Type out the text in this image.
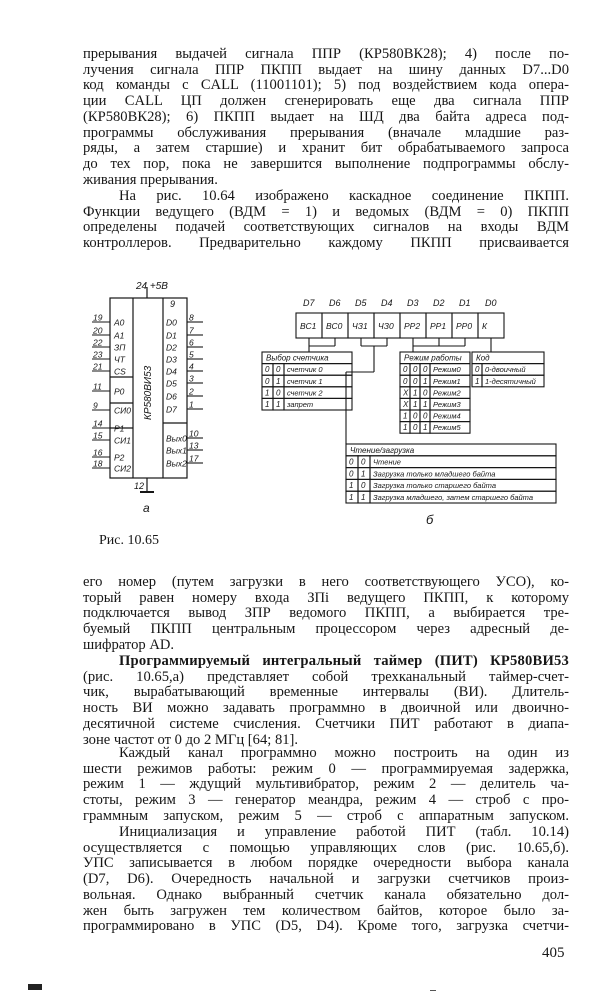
прерывания выдачей сигнала ППР (КР580ВК28); 4) после по-
лучения сигнала ППР ПКПП выдает на шину данных D7...D0
код команды с CALL (11001101); 5) под воздействием кода опера-
ции CALL ЦП должен сгенерировать еще два сигнала ППР
(КР580ВК28); 6) ПКПП выдает на ШД два байта адреса под-
программы обслуживания прерывания (вначале младшие раз-
ряды, а затем старшие) и хранит бит обрабатываемого запроса
до тех пор, пока не завершится выполнение подпрограммы обслу-
живания прерывания.
На рис. 10.64 изображено каскадное соединение ПКПП.
Функции ведущего (ВДМ = 1) и ведомых (ВДМ = 0) ПКПП
определены подачей соответствующих сигналов на входы ВДМ
контроллеров. Предварительно каждому ПКПП присваивается
19 A0
20 A1
22 ЗП
23 ЧТ
21 CS
11 P0
9 CИ0
14 P1
15 CИ1
16 P2
18 CИ2
8
D0
7
D1
6
D2
5
D3
4
D4
3
D5
2
D6
1
D7
10
Вых0
13
Вых1
17
Вых2
24 +5В
9
12
КР580ВИ53
а
D7 D6 D5 D4 D3 D2 D1 D0
ВС1 ВС0 ЧЗ1 ЧЗ0 РР2 РР1 РР0 К
Выбор счетчика
0 0 счетчик 0
0 1 счетчик 1
1 0 счетчик 2
1 1 запрет
Режим работы
0 0 0 Режим0
0 0 1 Режим1
X 1 0 Режим2
X 1 1 Режим3
1 0 0 Режим4
1 0 1 Режим5
Код
0 0-двоичный
1 1-десятичный
Чтение/загрузка
0 0 Чтение
0 1 Загрузка только младшего байта
1 0 Загрузка только старшего байта
1 1 Загрузка младшего, затем старшего байта
б
Рис. 10.65
его номер (путем загрузки в него соответствующего УСО), ко-
торый равен номеру входа ЗПi ведущего ПКПП, к которому
подключается вывод ЗПР ведомого ПКПП, а выбирается тре-
буемый ПКПП центральным процессором через адресный де-
шифратор AD.
Программируемый интегральный таймер (ПИТ) КР580ВИ53
(рис. 10.65,а) представляет собой трехканальный таймер-счет-
чик, вырабатывающий временные интервалы (ВИ). Длитель-
ность ВИ можно задавать программно в двоичной или двоично-
десятичной системе счисления. Счетчики ПИТ работают в диапа-
зоне частот от 0 до 2 МГц [64; 81].
Каждый канал программно можно построить на один из
шести режимов работы: режим 0 — программируемая задержка,
режим 1 — ждущий мультивибратор, режим 2 — делитель ча-
стоты, режим 3 — генератор меандра, режим 4 — строб с про-
граммным запуском, режим 5 — строб с аппаратным запуском.
Инициализация и управление работой ПИТ (табл. 10.14)
осуществляется с помощью управляющих слов (рис. 10.65,б).
УПС записывается в любом порядке очередности выбора канала
(D7, D6). Очередность начальной и загрузки счетчиков произ-
вольная. Однако выбранный счетчик канала обязательно дол-
жен быть загружен тем количеством байтов, которое было за-
программировано в УПС (D5, D4). Кроме того, загрузка счетчи-
405
